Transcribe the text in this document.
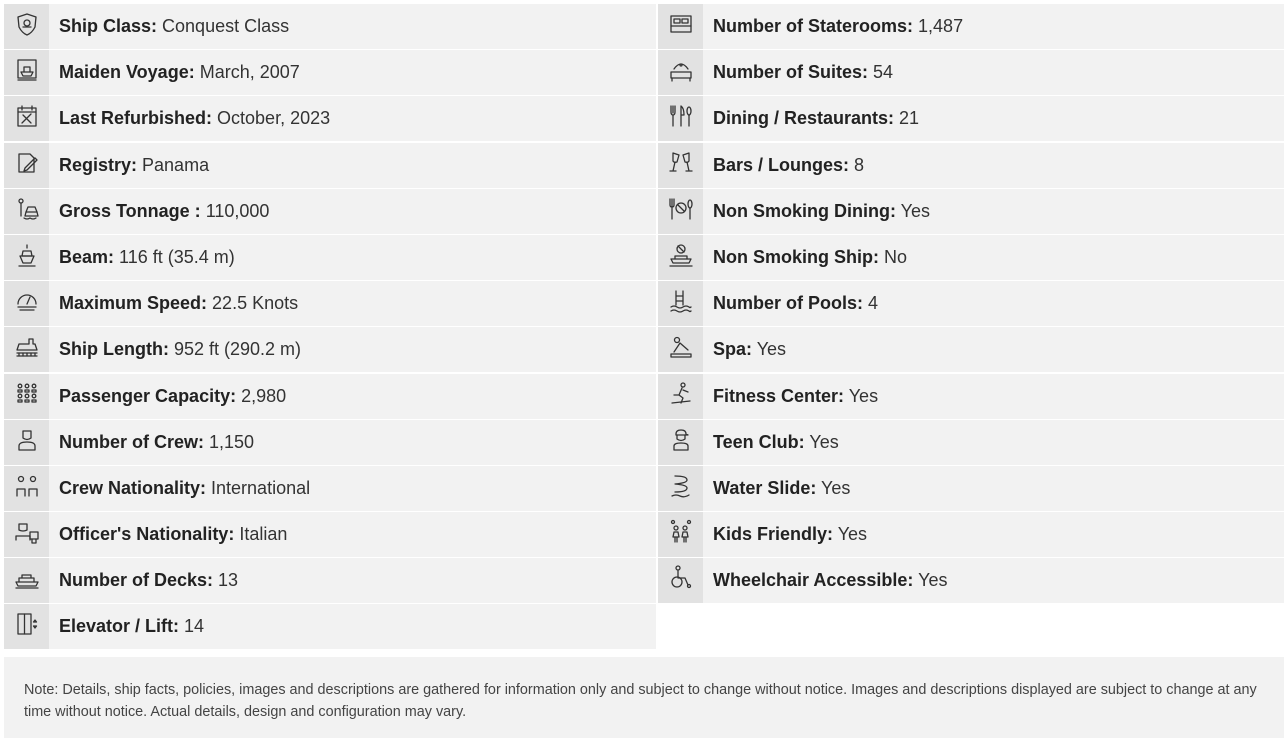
Ship Class: Conquest Class
Maiden Voyage: March, 2007
Last Refurbished: October, 2023
Registry: Panama
Gross Tonnage : 110,000
Beam: 116 ft (35.4 m)
Maximum Speed: 22.5 Knots
Ship Length: 952 ft (290.2 m)
Passenger Capacity: 2,980
Number of Crew: 1,150
Crew Nationality: International
Officer's Nationality: Italian
Number of Decks: 13
Elevator / Lift: 14
Number of Staterooms: 1,487
Number of Suites: 54
Dining / Restaurants: 21
Bars / Lounges: 8
Non Smoking Dining: Yes
Non Smoking Ship: No
Number of Pools: 4
Spa: Yes
Fitness Center: Yes
Teen Club: Yes
Water Slide: Yes
Kids Friendly: Yes
Wheelchair Accessible: Yes
Note: Details, ship facts, policies, images and descriptions are gathered for information only and subject to change without notice. Images and descriptions displayed are subject to change at any time without notice. Actual details, design and configuration may vary.
